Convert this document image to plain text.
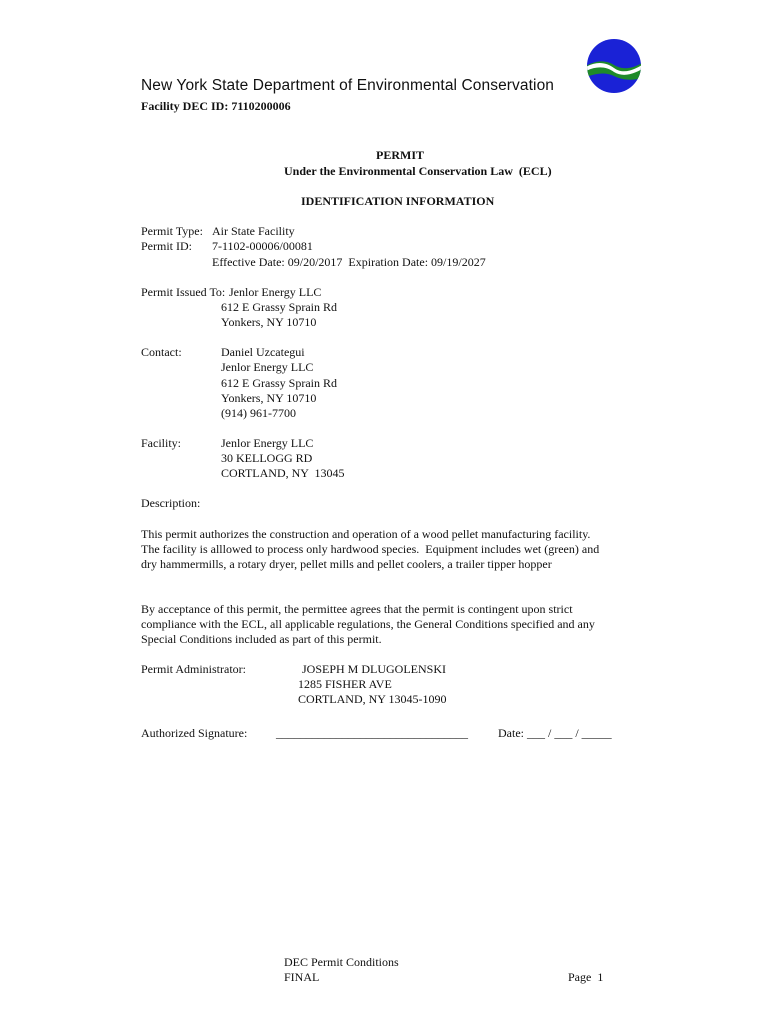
New York State Department of Environmental Conservation
Facility DEC ID: 7110200006
PERMIT
Under the Environmental Conservation Law  (ECL)
IDENTIFICATION INFORMATION
Permit Type: Air State Facility
Permit ID: 7-1102-00006/00081
Effective Date: 09/20/2017  Expiration Date: 09/19/2027
Permit Issued To: Jenlor Energy LLC
612 E Grassy Sprain Rd
Yonkers, NY 10710
Contact:	Daniel Uzcategui
Jenlor Energy LLC
612 E Grassy Sprain Rd
Yonkers, NY 10710
(914) 961-7700
Facility:	Jenlor Energy LLC
30 KELLOGG RD
CORTLAND, NY  13045
Description:
This permit authorizes the construction and operation of a wood pellet manufacturing facility.
The facility is alllowed to process only hardwood species.  Equipment includes wet (green) and
dry hammermills, a rotary dryer, pellet mills and pellet coolers, a trailer tipper hopper
By acceptance of this permit, the permittee agrees that the permit is contingent upon strict
compliance with the ECL, all applicable regulations, the General Conditions specified and any
Special Conditions included as part of this permit.
Permit Administrator:	JOSEPH M DLUGOLENSKI
1285 FISHER AVE
CORTLAND, NY 13045-1090
Authorized Signature: ________________________________	Date: ___ / ___ / _____
DEC Permit Conditions
FINAL	Page  1
